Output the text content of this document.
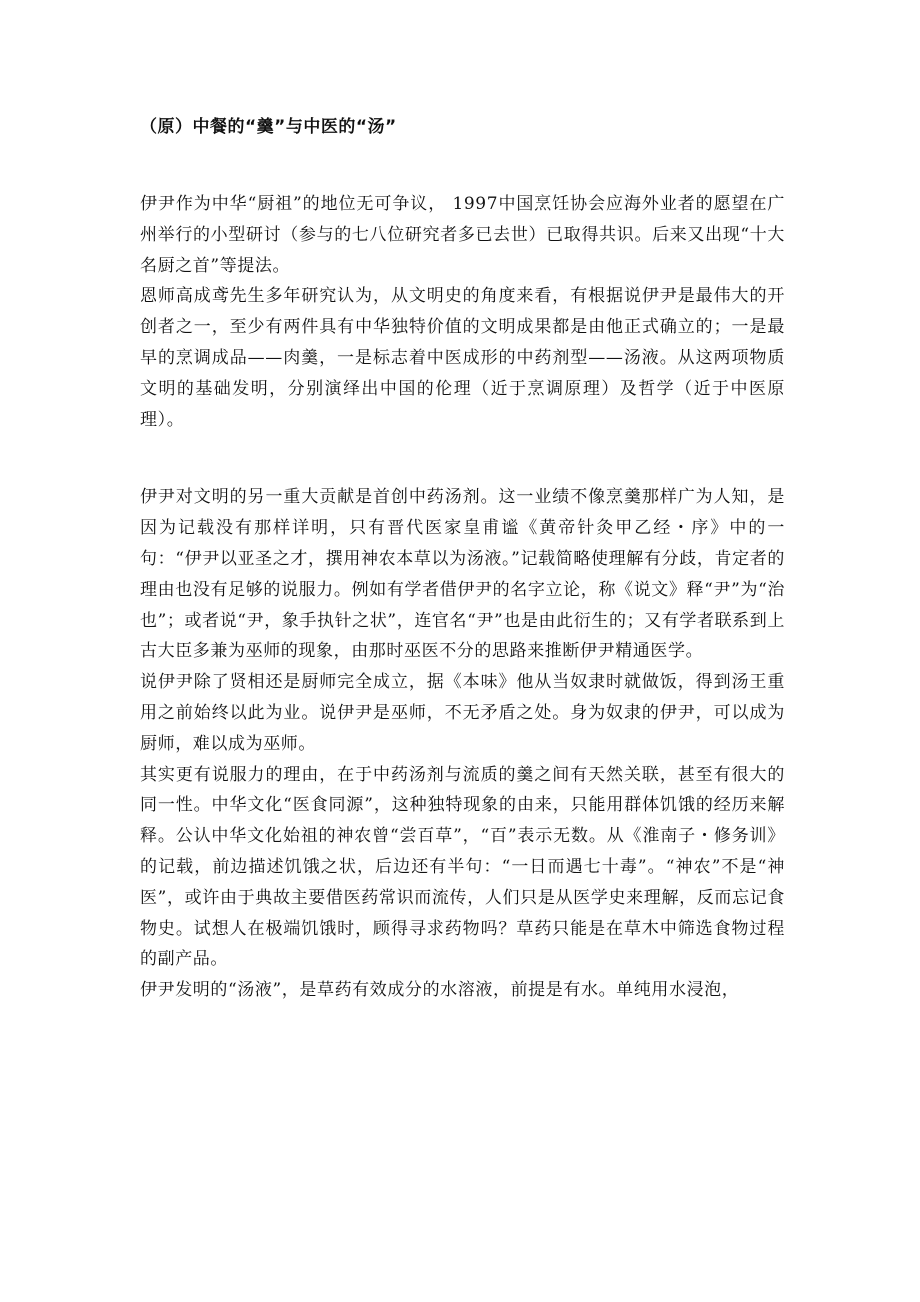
（原）中餐的“羹”与中医的“汤”

伊尹作为中华“厨祖”的地位无可争议， 1997中国烹饪协会应海外业者的愿望在广州举行的小型研讨（参与的七八位研究者多已去世）已取得共识。后来又出现“十大名厨之首”等提法。

恩师高成鸢先生多年研究认为，从文明史的角度来看，有根据说伊尹是最伟大的开创者之一，至少有两件具有中华独特价值的文明成果都是由他正式确立的；一是最早的烹调成品——肉羹，一是标志着中医成形的中药剂型——汤液。从这两项物质文明的基础发明，分别演绎出中国的伦理（近于烹调原理）及哲学（近于中医原理）。

伊尹对文明的另一重大贡献是首创中药汤剂。这一业绩不像烹羹那样广为人知，是因为记载没有那样详明，只有晋代医家皇甫谧《黄帝针灸甲乙经・序》中的一句：“伊尹以亚圣之才，撰用神农本草以为汤液。”记载简略使理解有分歧，肯定者的理由也没有足够的说服力。例如有学者借伊尹的名字立论，称《说文》释“尹”为“治也”；或者说“尹，象手执针之状”，连官名“尹”也是由此衍生的；又有学者联系到上古大臣多兼为巫师的现象，由那时巫医不分的思路来推断伊尹精通医学。

说伊尹除了贤相还是厨师完全成立，据《本味》他从当奴隶时就做饭，得到汤王重用之前始终以此为业。说伊尹是巫师，不无矛盾之处。身为奴隶的伊尹，可以成为厨师，难以成为巫师。

其实更有说服力的理由，在于中药汤剂与流质的羹之间有天然关联，甚至有很大的同一性。中华文化“医食同源”，这种独特现象的由来，只能用群体饥饿的经历来解释。公认中华文化始祖的神农曾“尝百草”，“百”表示无数。从《淮南子・修务训》的记载，前边描述饥饿之状，后边还有半句：“一日而遇七十毒”。“神农”不是“神医”，或许由于典故主要借医药常识而流传，人们只是从医学史来理解，反而忘记食物史。试想人在极端饥饿时，顾得寻求药物吗？草药只能是在草木中筛选食物过程的副产品。

伊尹发明的“汤液”，是草药有效成分的水溶液，前提是有水。单纯用水浸泡，
